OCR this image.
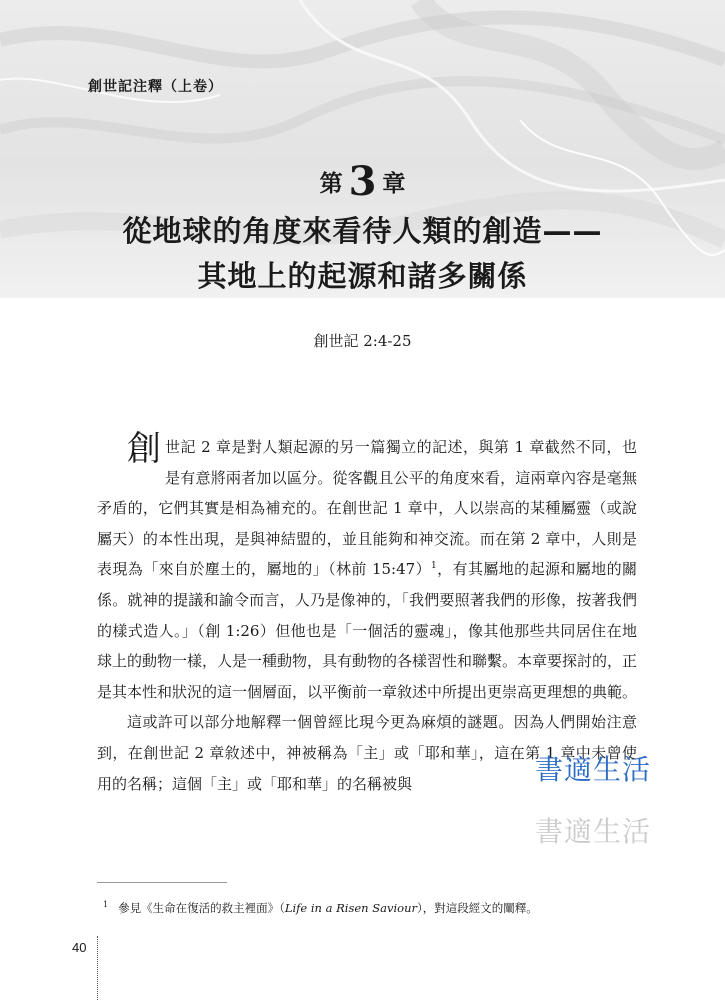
創世記注釋（上卷）
第 3 章
從地球的角度來看待人類的創造——
其地上的起源和諸多關係
創世記 2:4-25

創世記 2 章是對人類起源的另一篇獨立的記述，與第 1 章截然不同，也是有意將兩者加以區分。從客觀且公平的角度來看，這兩章內容是毫無矛盾的，它們其實是相為補充的。在創世記 1 章中，人以崇高的某種屬靈（或說屬天）的本性出現，是與神結盟的，並且能夠和神交流。而在第 2 章中，人則是表現為「來自於塵土的，屬地的」（林前 15:47）$^1$，有其屬地的起源和屬地的關係。就神的提議和諭令而言，人乃是像神的，「我們要照著我們的形像，按著我們的樣式造人。」（創 1:26）但他也是「一個活的靈魂」，像其他那些共同居住在地球上的動物一樣，人是一種動物，具有動物的各樣習性和聯繫。本章要探討的，正是其本性和狀況的這一個層面，以平衡前一章敘述中所提出更崇高更理想的典範。

這或許可以部分地解釋一個曾經比現今更為麻煩的謎題。因為人們開始注意到，在創世記 2 章敘述中，神被稱為「主」或「耶和華」，這在第 1 章中未曾使用的名稱；這個「主」或「耶和華」的名稱被與	書適生活
書適生活
$^1$ 參見《生命在復活的救主裡面》（Life in a Risen Saviour），對這段經文的闡釋。
40
